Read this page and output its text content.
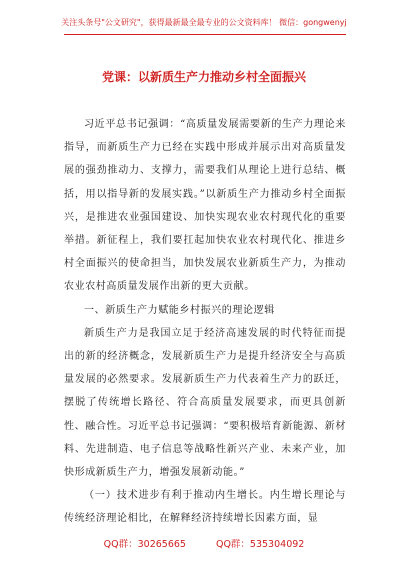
关注头条号"公文研究"，获得最新最全最专业的公文资料库！ 微信：gongwenyj
党课：以新质生产力推动乡村全面振兴

习近平总书记强调：“高质量发展需要新的生产力理论来指导，而新质生产力已经在实践中形成并展示出对高质量发展的强劲推动力、支撑力，需要我们从理论上进行总结、概括，用以指导新的发展实践。”以新质生产力推动乡村全面振兴，是推进农业强国建设、加快实现农业农村现代化的重要举措。新征程上，我们要扛起加快农业农村现代化、推进乡村全面振兴的使命担当，加快发展农业新质生产力，为推动农业农村高质量发展作出新的更大贡献。

一、新质生产力赋能乡村振兴的理论逻辑

新质生产力是我国立足于经济高速发展的时代特征而提出的新的经济概念，发展新质生产力是提升经济安全与高质量发展的必然要求。发展新质生产力代表着生产力的跃迁，摆脱了传统增长路径、符合高质量发展要求，而更具创新性、融合性。习近平总书记强调：“要积极培育新能源、新材料、先进制造、电子信息等战略性新兴产业、未来产业，加快形成新质生产力，增强发展新动能。”

（一）技术进步有利于推动内生增长。内生增长理论与传统经济理论相比，在解释经济持续增长因素方面，显

QQ群：30265665	QQ群：535304092
